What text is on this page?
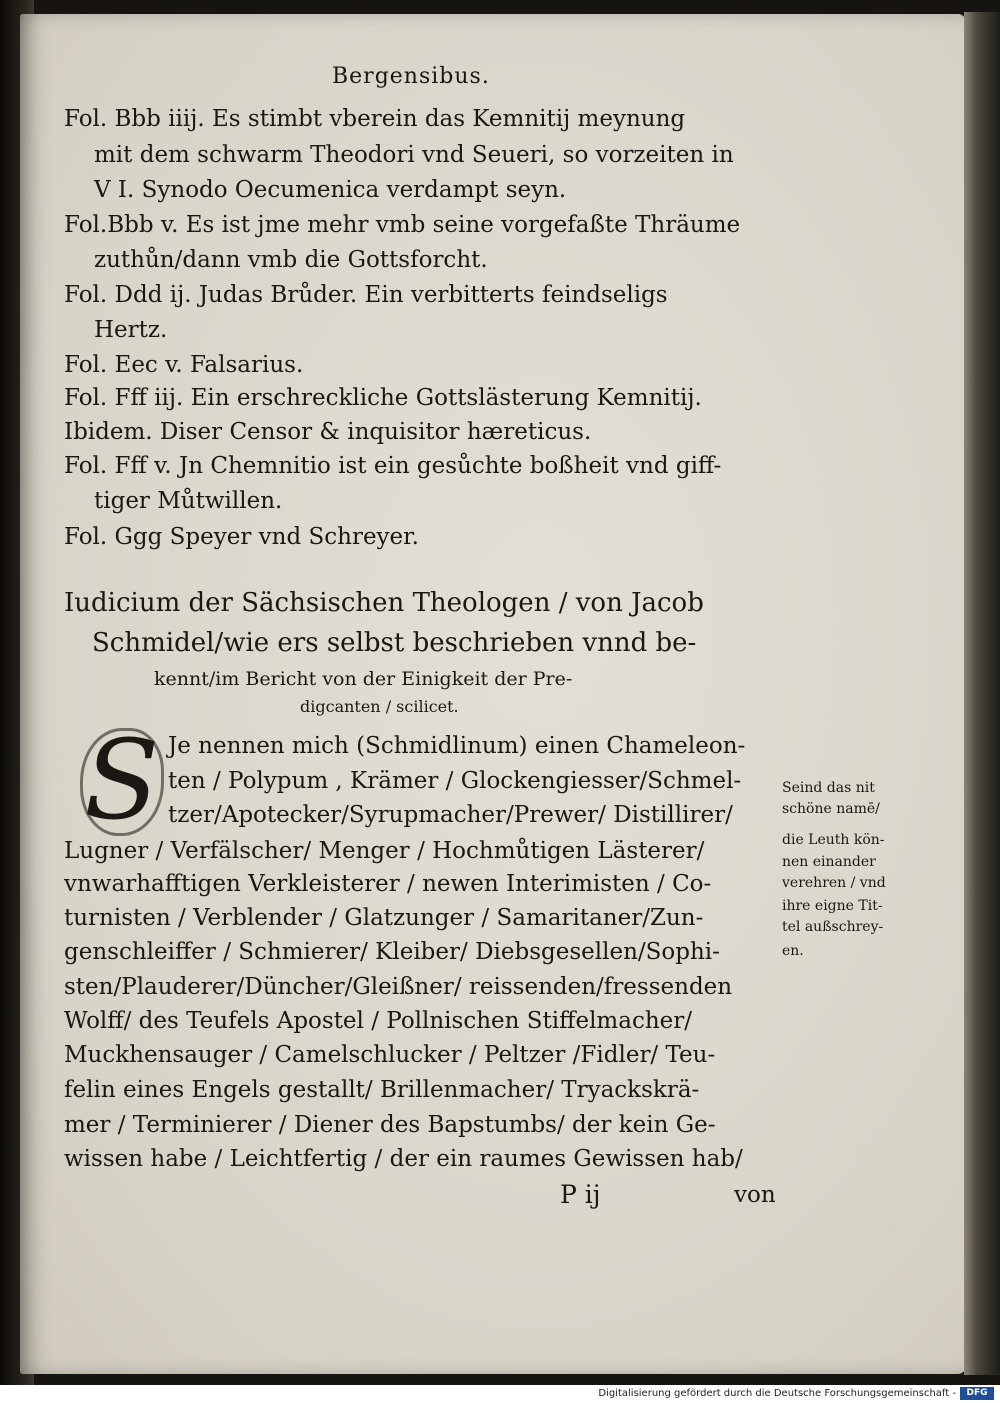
Bergensibus.
Fol. Bbb iiij. Es stimbt vberein das Kemnitij meynung
mit dem schwarm Theodori vnd Seueri, so vorzeiten in
V I. Synodo Oecumenica verdampt seyn.
Fol.Bbb v. Es ist jme mehr vmb seine vorgefaßte Thräume
zuthůn/dann vmb die Gottsforcht.
Fol. Ddd ij. Judas Brůder. Ein verbitterts feindseligs
Hertz.
Fol. Eec v. Falsarius.
Fol. Fff iij. Ein erschreckliche Gottslästerung Kemnitij.
Ibidem. Diser Censor & inquisitor hæreticus.
Fol. Fff v. Jn Chemnitio ist ein gesůchte boßheit vnd giff-
tiger Můtwillen.
Fol. Ggg Speyer vnd Schreyer.
Iudicium der Sächsischen Theologen / von Jacob
Schmidel/wie ers selbst beschrieben vnnd be-
kennt/im Bericht von der Einigkeit der Pre-
digcanten / scilicet.
S Je nennen mich (Schmidlinum) einen Chameleon-
ten / Polypum , Krämer / Glockengiesser/Schmel-
tzer/Apotecker/Syrupmacher/Prewer/ Distillirer/
Lugner / Verfälscher/ Menger / Hochmůtigen Lästerer/
vnwarhafftigen Verkleisterer / newen Interimisten / Co-
turnisten / Verblender / Glatzunger / Samaritaner/Zun-
genschleiffer / Schmierer/ Kleiber/ Diebsgesellen/Sophi-
sten/Plauderer/Düncher/Gleißner/ reissenden/fressenden
Wolff/ des Teufels Apostel / Pollnischen Stiffelmacher/
Muckhensauger / Camelschlucker / Peltzer /Fidler/ Teu-
felin eines Engels gestallt/ Brillenmacher/ Tryackskrä-
mer / Terminierer / Diener des Bapstumbs/ der kein Ge-
wissen habe / Leichtfertig / der ein raumes Gewissen hab/
P ij	von
Seind das nit
schöne namē/
die Leuth kön-
nen einander
verehren / vnd
ihre eigne Tit-
tel außschrey-
en.
Digitalisierung gefördert durch die Deutsche Forschungsgemeinschaft -	DFG
